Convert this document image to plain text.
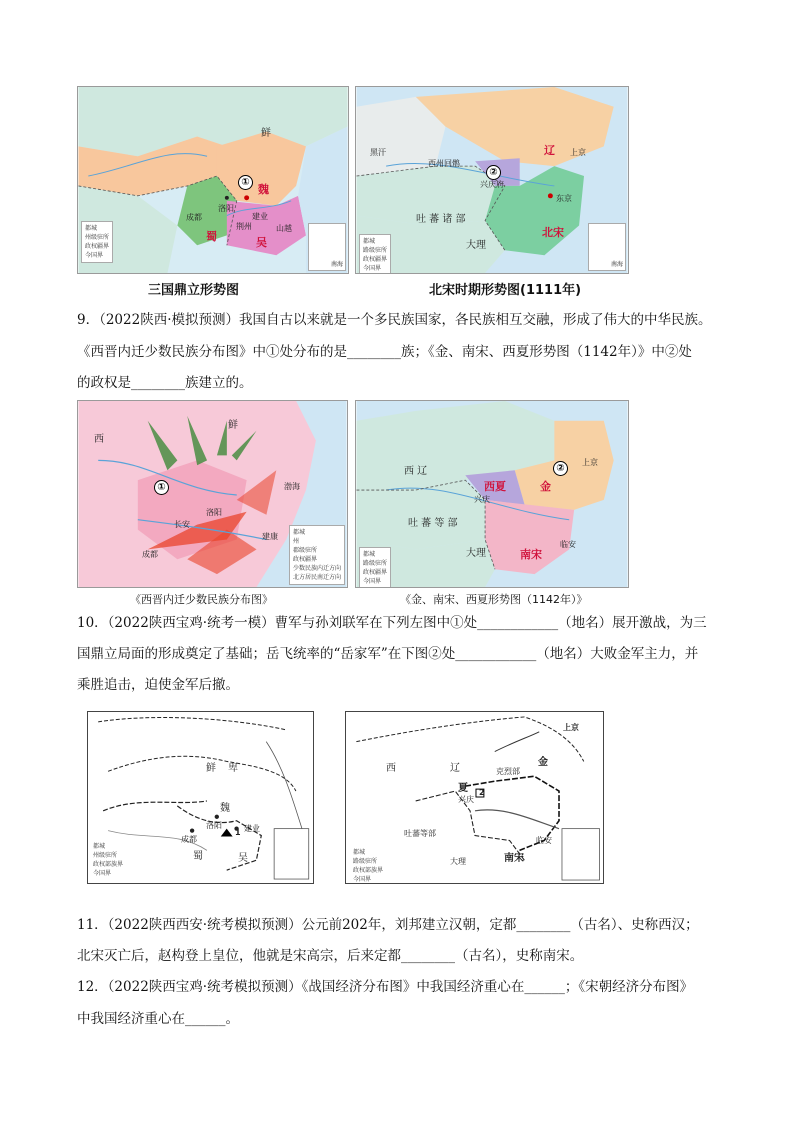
鲜
洛阳
成都	建业
荆州	山越
魏
蜀	吴
①
都城
州级驻所
政权疆界
今国界
南海
三国鼎立形势图
黑汗
西州回鹘
兴庆府
上京
东京
吐 蕃 诸 部
大理
辽
北宋
②
都城
路级驻所
政权疆界
今国界
南海
北宋时期形势图(1111年)
9．（2022陕西·模拟预测）我国自古以来就是一个多民族国家，各民族相互交融，形成了伟大的中华民族。
《西晋内迁少数民族分布图》中①处分布的是________族；《金、南宋、西夏形势图（1142年）》中②处
的政权是________族建立的。
西
鲜
洛阳
长安
成都
建康
渤海
①
都城
州
郡级驻所
政权疆界
少数民族内迁方向
北方居民南迁方向
《西晋内迁少数民族分布图》
西 辽
吐 蕃 等 部
上京
兴庆
临安
大理
金
西夏
南宋
②
都城
路级驻所
政权疆界
今国界
《金、南宋、西夏形势图（1142年）》
10．（2022陕西宝鸡·统考一模）曹军与孙刘联军在下列左图中①处____________（地名）展开激战，为三
国鼎立局面的形成奠定了基础；岳飞统率的“岳家军”在下图②处____________（地名）大败金军主力，并
乘胜追击，迫使金军后撤。
鲜 卑
魏
成都
洛阳	建业
蜀	吴
1
都城
州级驻所
政权部族界
今国界
西	辽	克烈部
夏
兴庆
上京
金
吐蕃等部
大理	南宋
临安
2
都城
路级驻所
政权部族界
今国界
11．（2022陕西西安·统考模拟预测）公元前202年，刘邦建立汉朝，定都________（古名）、史称西汉；
北宋灭亡后，赵构登上皇位，他就是宋高宗，后来定都________（古名），史称南宋。
12．（2022陕西宝鸡·统考模拟预测）《战国经济分布图》中我国经济重心在______；《宋朝经济分布图》
中我国经济重心在______。
